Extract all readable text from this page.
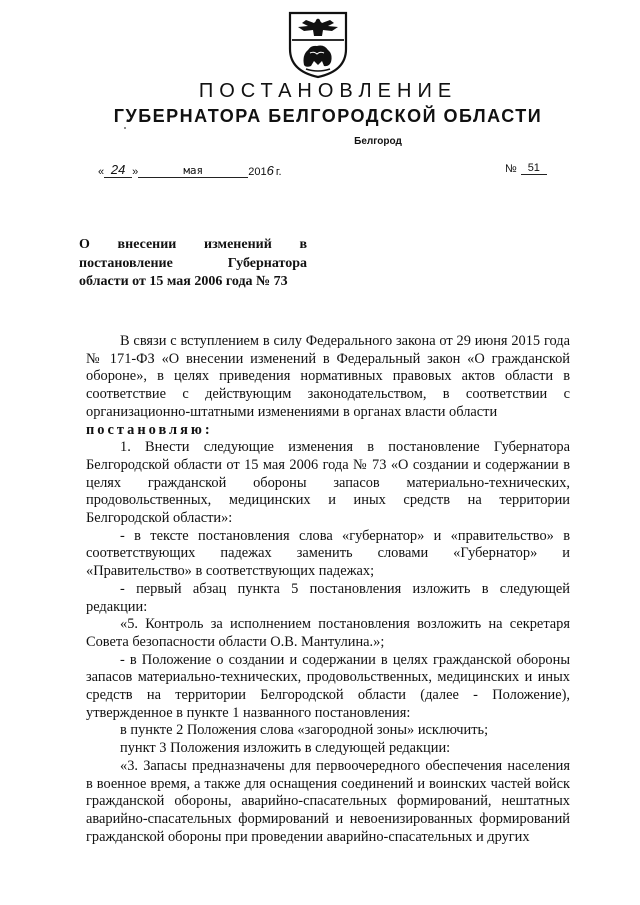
ПОСТАНОВЛЕНИЕ
ГУБЕРНАТОРА БЕЛГОРОДСКОЙ ОБЛАСТИ
Белгород
« 24 »	мая	201 6 г.	№ 51
О внесении изменений в постановление Губернатора области от 15 мая 2006 года № 73

В связи с вступлением в силу Федерального закона от 29 июня 2015 года № 171-ФЗ «О внесении изменений в Федеральный закон «О гражданской обороне», в целях приведения нормативных правовых актов области в соответствие с действующим законодательством, в соответствии с организационно-штатными изменениями в органах власти области

постановляю:

1. Внести следующие изменения в постановление Губернатора Белгородской области от 15 мая 2006 года № 73 «О создании и содержании в целях гражданской обороны запасов материально-технических, продовольственных, медицинских и иных средств на территории Белгородской области»:

- в тексте постановления слова «губернатор» и «правительство» в соответствующих падежах заменить словами «Губернатор» и «Правительство» в соответствующих падежах;

- первый абзац пункта 5 постановления изложить в следующей редакции:

«5. Контроль за исполнением постановления возложить на секретаря Совета безопасности области О.В. Мантулина.»;

- в Положение о создании и содержании в целях гражданской обороны запасов материально-технических, продовольственных, медицинских и иных средств на территории Белгородской области (далее - Положение), утвержденное в пункте 1 названного постановления:

в пункте 2 Положения слова «загородной зоны» исключить;

пункт 3 Положения изложить в следующей редакции:

«3. Запасы предназначены для первоочередного обеспечения населения в военное время, а также для оснащения соединений и воинских частей войск гражданской обороны, аварийно-спасательных формирований, нештатных аварийно-спасательных формирований и невоенизированных формирований гражданской обороны при проведении аварийно-спасательных и других
